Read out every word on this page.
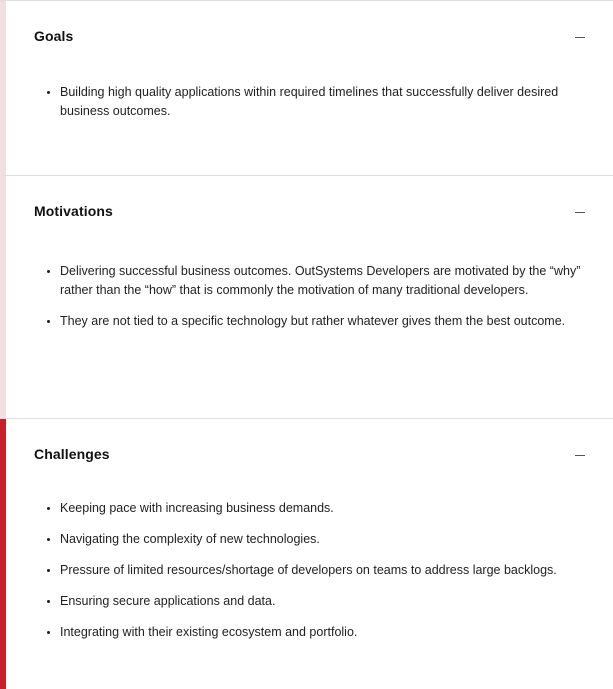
Goals
• Building high quality applications within required timelines that successfully deliver desired business outcomes.
Motivations
• Delivering successful business outcomes. OutSystems Developers are motivated by the “why” rather than the “how” that is commonly the motivation of many traditional developers.
• They are not tied to a specific technology but rather whatever gives them the best outcome.
Challenges
• Keeping pace with increasing business demands.
• Navigating the complexity of new technologies.
• Pressure of limited resources/shortage of developers on teams to address large backlogs.
• Ensuring secure applications and data.
• Integrating with their existing ecosystem and portfolio.
